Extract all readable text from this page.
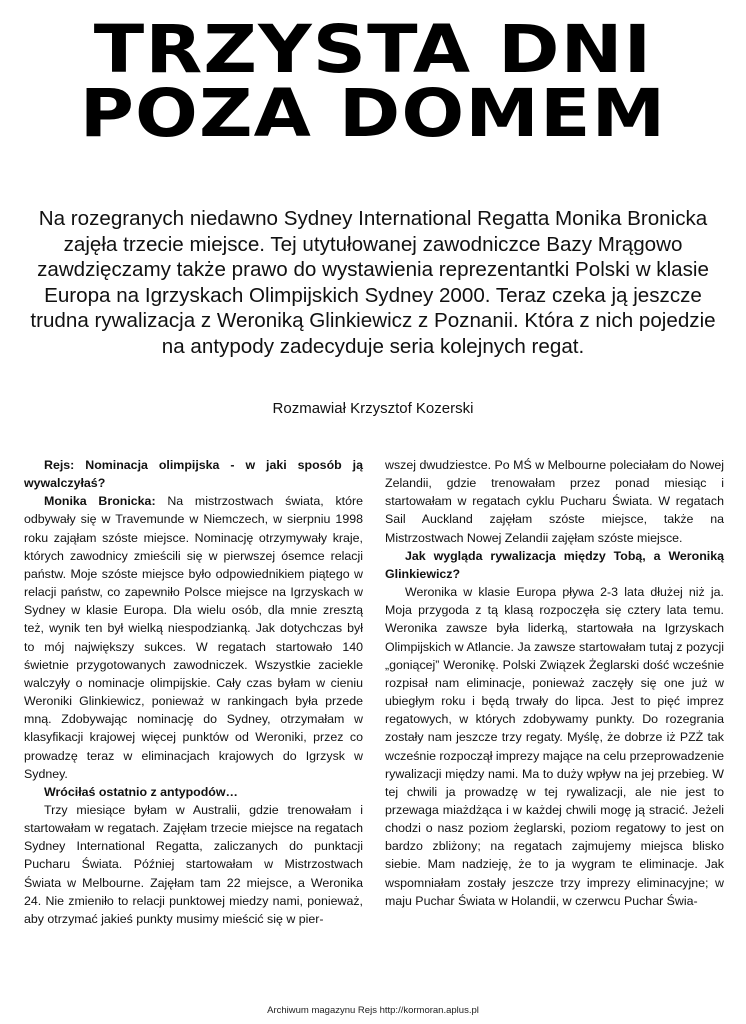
TRZYSTA DNI
POZA DOMEM
Na rozegranych niedawno Sydney International Regatta Monika Bronicka zajęła trzecie miejsce. Tej utytułowanej zawodniczce Bazy Mrągowo zawdzięczamy także prawo do wystawienia reprezentantki Polski w klasie Europa na Igrzyskach Olimpijskich Sydney 2000. Teraz czeka ją jeszcze trudna rywalizacja z Weroniką Glinkiewicz z Poznanii. Która z nich pojedzie na antypody zadecyduje seria kolejnych regat.
Rozmawiał Krzysztof Kozerski

Rejs: Nominacja olimpijska - w jaki sposób ją wywalczyłaś?

Monika Bronicka: Na mistrzostwach świata, które odbywały się w Travemunde w Niemczech, w sierpniu 1998 roku zająłam szóste miejsce. Nominację otrzymywały kraje, których zawodnicy zmieścili się w pierwszej ósemce relacji państw. Moje szóste miejsce było odpowiednikiem piątego w relacji państw, co zapewniło Polsce miejsce na Igrzyskach w Sydney w klasie Europa. Dla wielu osób, dla mnie zresztą też, wynik ten był wielką niespodzianką. Jak dotychczas był to mój największy sukces. W regatach startowało 140 świetnie przygotowanych zawodniczek. Wszystkie zaciekle walczyły o nominacje olimpijskie. Cały czas byłam w cieniu Weroniki Glinkiewicz, ponieważ w rankingach była przede mną. Zdobywając nominację do Sydney, otrzymałam w klasyfikacji krajowej więcej punktów od Weroniki, przez co prowadzę teraz w eliminacjach krajowych do Igrzysk w Sydney.

Wróciłaś ostatnio z antypodów…

Trzy miesiące byłam w Australii, gdzie trenowałam i startowałam w regatach. Zajęłam trzecie miejsce na regatach Sydney International Regatta, zaliczanych do punktacji Pucharu Świata. Później startowałam w Mistrzostwach Świata w Melbourne. Zajęłam tam 22 miejsce, a Weronika 24. Nie zmieniło to relacji punktowej miedzy nami, ponieważ, aby otrzymać jakieś punkty musimy mieścić się w pier-

wszej dwudziestce. Po MŚ w Melbourne poleciałam do Nowej Zelandii, gdzie trenowałam przez ponad miesiąc i startowałam w regatach cyklu Pucharu Świata. W regatach Sail Auckland zajęłam szóste miejsce, także na Mistrzostwach Nowej Zelandii zajęłam szóste miejsce.

Jak wygląda rywalizacja między Tobą, a Weroniką Glinkiewicz?

Weronika w klasie Europa pływa 2-3 lata dłużej niż ja. Moja przygoda z tą klasą rozpoczęła się cztery lata temu. Weronika zawsze była liderką, startowała na Igrzyskach Olimpijskich w Atlancie. Ja zawsze startowałam tutaj z pozycji „goniącej” Weronikę. Polski Związek Żeglarski dość wcześnie rozpisał nam eliminacje, ponieważ zaczęły się one już w ubiegłym roku i będą trwały do lipca. Jest to pięć imprez regatowych, w których zdobywamy punkty. Do rozegrania zostały nam jeszcze trzy regaty. Myślę, że dobrze iż PZŻ tak wcześnie rozpoczął imprezy mające na celu przeprowadzenie rywalizacji między nami. Ma to duży wpływ na jej przebieg. W tej chwili ja prowadzę w tej rywalizacji, ale nie jest to przewaga miażdżąca i w każdej chwili mogę ją stracić. Jeżeli chodzi o nasz poziom żeglarski, poziom regatowy to jest on bardzo zbliżony; na regatach zajmujemy miejsca blisko siebie. Mam nadzieję, że to ja wygram te eliminacje. Jak wspomniałam zostały jeszcze trzy imprezy eliminacyjne; w maju Puchar Świata w Holandii, w czerwcu Puchar Świa-

Archiwum magazynu Rejs http://kormoran.aplus.pl
